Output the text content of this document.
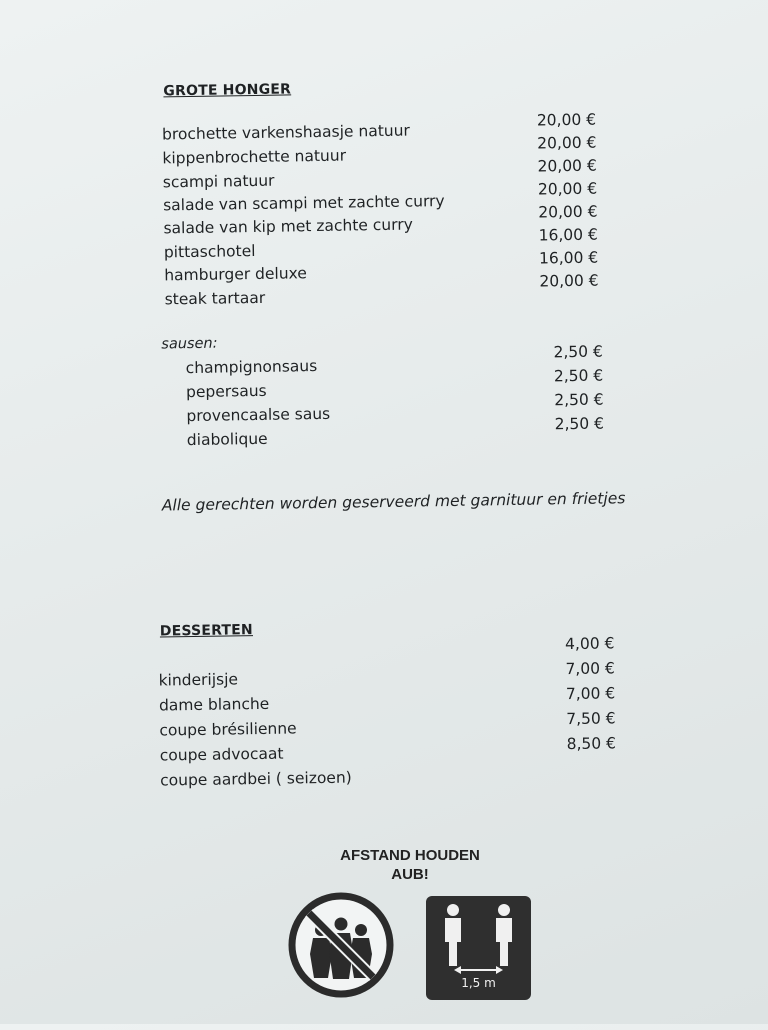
GROTE HONGER
brochette varkenshaasje natuur
20,00 €
kippenbrochette natuur
20,00 €
scampi natuur
20,00 €
salade van scampi met zachte curry
20,00 €
salade van kip met zachte curry
20,00 €
pittaschotel
16,00 €
hamburger deluxe
16,00 €
steak tartaar
20,00 €
sausen:
champignonsaus
2,50 €
pepersaus
2,50 €
provencaalse saus
2,50 €
diabolique
2,50 €
Alle gerechten worden geserveerd met garnituur en frietjes
DESSERTEN
4,00 €
7,00 €
7,00 €
7,50 €
8,50 €
kinderijsje
dame blanche
coupe brésilienne
coupe advocaat
coupe aardbei ( seizoen)
AFSTAND HOUDEN
AUB!
1,5 m
